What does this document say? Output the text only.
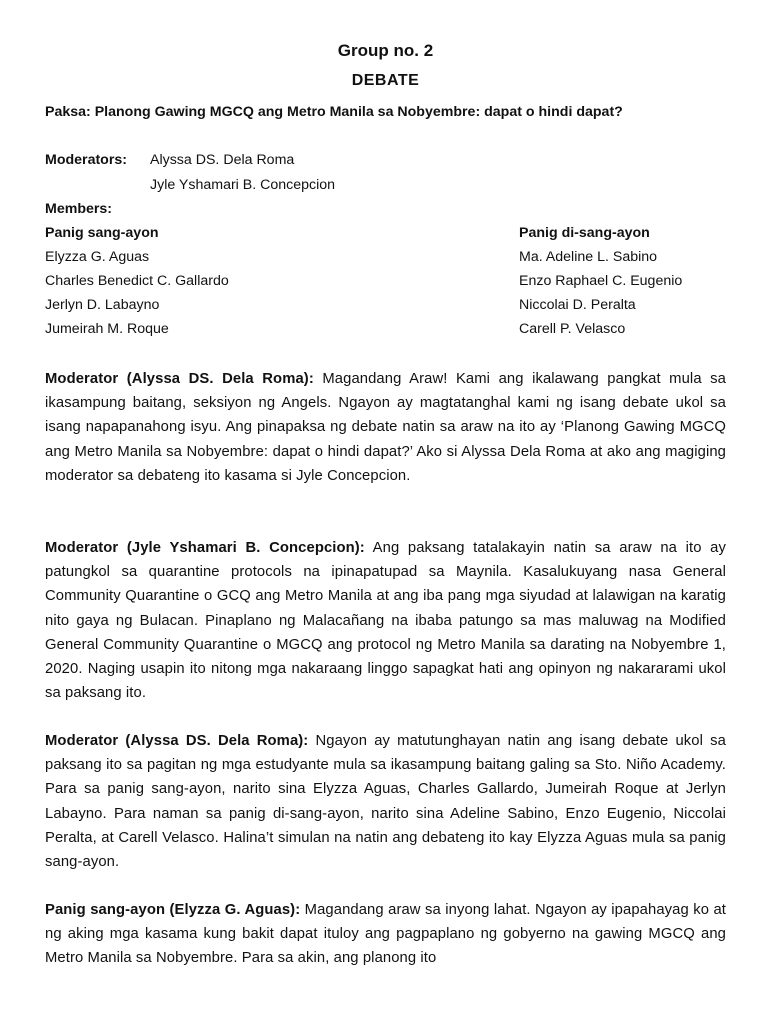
Group no. 2
DEBATE

Paksa: Planong Gawing MGCQ ang Metro Manila sa Nobyembre: dapat o hindi dapat?

Moderators: Alyssa DS. Dela Roma

Jyle Yshamari B. Concepcion

Members:

Panig sang-ayon	Panig di-sang-ayon

Elyzza G. Aguas

Charles Benedict C. Gallardo

Jerlyn D. Labayno

Jumeirah M. Roque

Ma. Adeline L. Sabino

Enzo Raphael C. Eugenio

Niccolai D. Peralta

Carell P. Velasco

Moderator (Alyssa DS. Dela Roma): Magandang Araw! Kami ang ikalawang pangkat mula sa ikasampung baitang, seksiyon ng Angels. Ngayon ay magtatanghal kami ng isang debate ukol sa isang napapanahong isyu. Ang pinapaksa ng debate natin sa araw na ito ay ‘Planong Gawing MGCQ ang Metro Manila sa Nobyembre: dapat o hindi dapat?’ Ako si Alyssa Dela Roma at ako ang magiging moderator sa debateng ito kasama si Jyle Concepcion.

Moderator (Jyle Yshamari B. Concepcion): Ang paksang tatalakayin natin sa araw na ito ay patungkol sa quarantine protocols na ipinapatupad sa Maynila. Kasalukuyang nasa General Community Quarantine o GCQ ang Metro Manila at ang iba pang mga siyudad at lalawigan na karatig nito gaya ng Bulacan. Pinaplano ng Malacañang na ibaba patungo sa mas maluwag na Modified General Community Quarantine o MGCQ ang protocol ng Metro Manila sa darating na Nobyembre 1, 2020. Naging usapin ito nitong mga nakaraang linggo sapagkat hati ang opinyon ng nakararami ukol sa paksang ito.

Moderator (Alyssa DS. Dela Roma): Ngayon ay matutunghayan natin ang isang debate ukol sa paksang ito sa pagitan ng mga estudyante mula sa ikasampung baitang galing sa Sto. Niño Academy. Para sa panig sang-ayon, narito sina Elyzza Aguas, Charles Gallardo, Jumeirah Roque at Jerlyn Labayno. Para naman sa panig di-sang-ayon, narito sina Adeline Sabino, Enzo Eugenio, Niccolai Peralta, at Carell Velasco. Halina’t simulan na natin ang debateng ito kay Elyzza Aguas mula sa panig sang-ayon.

Panig sang-ayon (Elyzza G. Aguas): Magandang araw sa inyong lahat. Ngayon ay ipapahayag ko at ng aking mga kasama kung bakit dapat ituloy ang pagpaplano ng gobyerno na gawing MGCQ ang Metro Manila sa Nobyembre. Para sa akin, ang planong ito
